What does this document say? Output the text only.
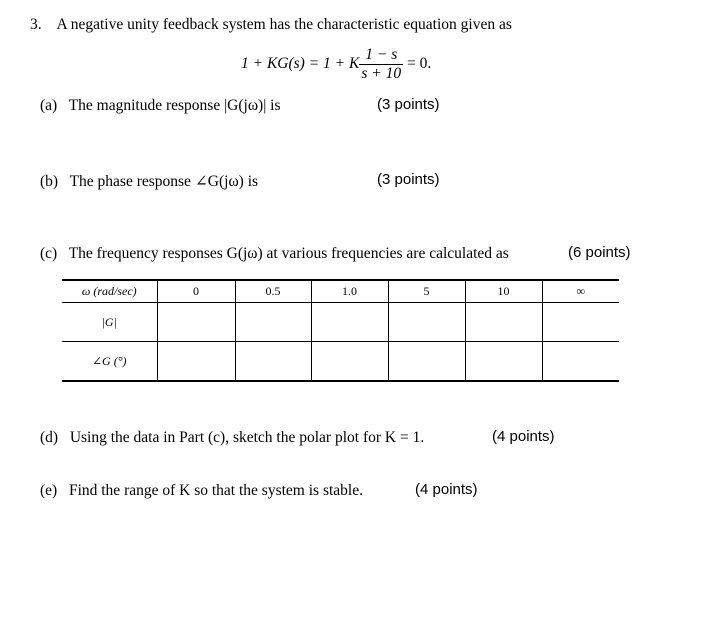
3. A negative unity feedback system has the characteristic equation given as
1 + KG(s) = 1 + K $\frac{1 - s}{s + 10} = 0$.
(a) The magnitude response |G(jω)| is	(3 points)
(b) The phase response ∠G(jω) is	(3 points)
(c) The frequency responses G(jω) at various frequencies are calculated as	(6 points)
ω (rad/sec)	0	0.5	1.0	5	10	∞
|G|						
∠G (°)						
(d) Using the data in Part (c), sketch the polar plot for K = 1.	(4 points)
(e) Find the range of K so that the system is stable.	(4 points)
